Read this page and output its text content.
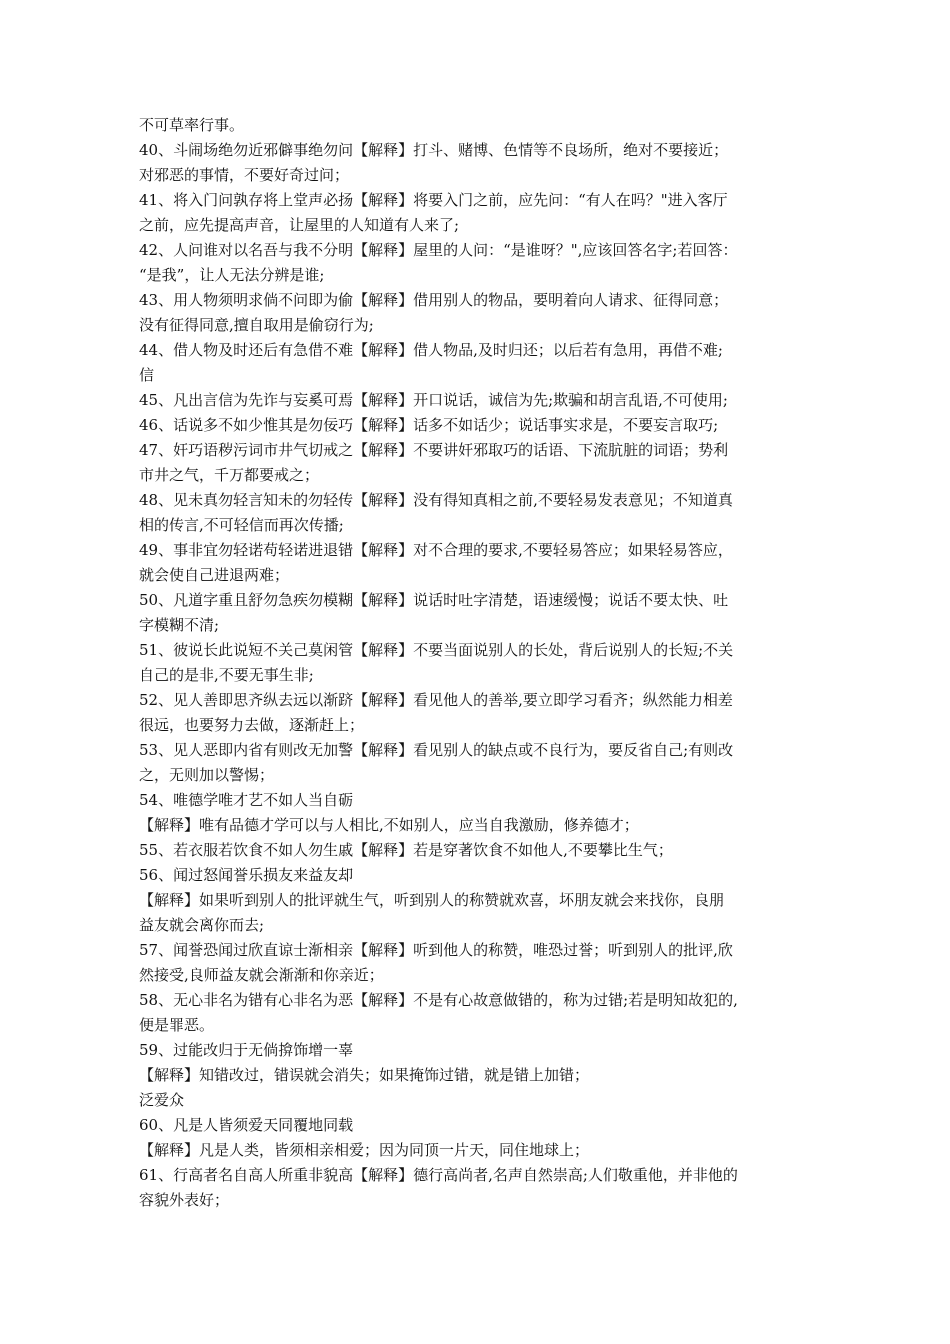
不可草率行事。
40、斗闹场绝勿近邪僻事绝勿问【解释】打斗、赌博、色情等不良场所，绝对不要接近；
对邪恶的事情，不要好奇过问；
41、将入门问孰存将上堂声必扬【解释】将要入门之前，应先问：“有人在吗？"进入客厅
之前，应先提高声音，让屋里的人知道有人来了;
42、人问谁对以名吾与我不分明【解释】屋里的人问：“是谁呀？",应该回答名字;若回答：
“是我”，让人无法分辨是谁;
43、用人物须明求倘不问即为偷【解释】借用别人的物品，要明着向人请求、征得同意；
没有征得同意,擅自取用是偷窃行为;
44、借人物及时还后有急借不难【解释】借人物品,及时归还；以后若有急用，再借不难;
信
45、凡出言信为先诈与妄奚可焉【解释】开口说话，诚信为先;欺骗和胡言乱语,不可使用;
46、话说多不如少惟其是勿佞巧【解释】话多不如话少；说话事实求是，不要妄言取巧;
47、奸巧语秽污词市井气切戒之【解释】不要讲奸邪取巧的话语、下流肮脏的词语；势利
市井之气，千万都要戒之；
48、见未真勿轻言知未的勿轻传【解释】没有得知真相之前,不要轻易发表意见；不知道真
相的传言,不可轻信而再次传播;
49、事非宜勿轻诺苟轻诺进退错【解释】对不合理的要求,不要轻易答应；如果轻易答应，
就会使自己进退两难；
50、凡道字重且舒勿急疾勿模糊【解释】说话时吐字清楚，语速缓慢；说话不要太快、吐
字模糊不清;
51、彼说长此说短不关己莫闲管【解释】不要当面说别人的长处，背后说别人的长短;不关
自己的是非,不要无事生非;
52、见人善即思齐纵去远以渐跻【解释】看见他人的善举,要立即学习看齐；纵然能力相差
很远，也要努力去做，逐渐赶上；
53、见人恶即内省有则改无加警【解释】看见别人的缺点或不良行为，要反省自己;有则改
之，无则加以警惕；
54、唯德学唯才艺不如人当自砺
【解释】唯有品德才学可以与人相比,不如别人，应当自我激励，修养德才；
55、若衣服若饮食不如人勿生戚【解释】若是穿著饮食不如他人,不要攀比生气；
56、闻过怒闻誉乐损友来益友却
【解释】如果听到别人的批评就生气，听到别人的称赞就欢喜，坏朋友就会来找你，良朋
益友就会离你而去;
57、闻誉恐闻过欣直谅士渐相亲【解释】听到他人的称赞，唯恐过誉；听到别人的批评,欣
然接受,良师益友就会渐渐和你亲近；
58、无心非名为错有心非名为恶【解释】不是有心故意做错的，称为过错;若是明知故犯的,
便是罪恶。
59、过能改归于无倘揜饰增一辜
【解释】知错改过，错误就会消失；如果掩饰过错，就是错上加错；
泛爱众
60、凡是人皆须爱天同覆地同载
【解释】凡是人类，皆须相亲相爱；因为同顶一片天，同住地球上；
61、行高者名自高人所重非貌高【解释】德行高尚者,名声自然崇高;人们敬重他，并非他的
容貌外表好；
